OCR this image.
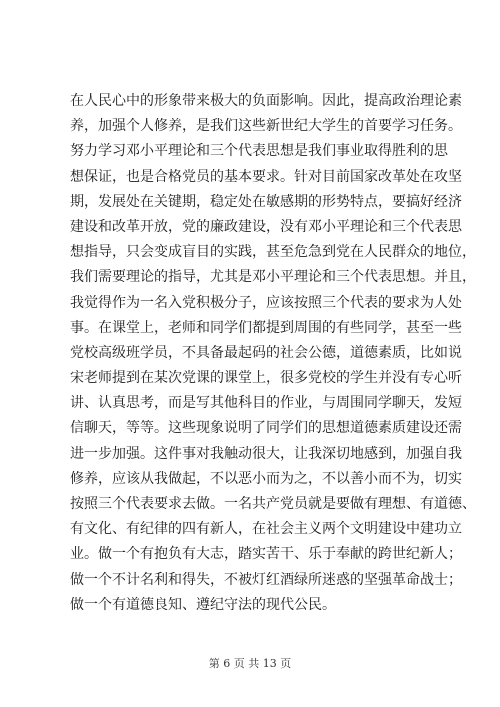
在人民心中的形象带来极大的负面影响。因此，提高政治理论素
养，加强个人修养，是我们这些新世纪大学生的首要学习任务。
努力学习邓小平理论和三个代表思想是我们事业取得胜利的思
想保证，也是合格党员的基本要求。针对目前国家改革处在攻坚
期，发展处在关键期，稳定处在敏感期的形势特点，要搞好经济
建设和改革开放，党的廉政建设，没有邓小平理论和三个代表思
想指导，只会变成盲目的实践，甚至危急到党在人民群众的地位，
我们需要理论的指导，尤其是邓小平理论和三个代表思想。并且，
我觉得作为一名入党积极分子，应该按照三个代表的要求为人处
事。在课堂上，老师和同学们都提到周围的有些同学，甚至一些
党校高级班学员，不具备最起码的社会公德，道德素质，比如说
宋老师提到在某次党课的课堂上，很多党校的学生并没有专心听
讲、认真思考，而是写其他科目的作业，与周围同学聊天，发短
信聊天，等等。这些现象说明了同学们的思想道德素质建设还需
进一步加强。这件事对我触动很大，让我深切地感到，加强自我
修养，应该从我做起，不以恶小而为之，不以善小而不为，切实
按照三个代表要求去做。一名共产党员就是要做有理想、有道德、
有文化、有纪律的四有新人，在社会主义两个文明建设中建功立
业。做一个有抱负有大志，踏实苦干、乐于奉献的跨世纪新人；
做一个不计名利和得失，不被灯红酒绿所迷惑的坚强革命战士；
做一个有道德良知、遵纪守法的现代公民。
第 6 页 共 13 页
